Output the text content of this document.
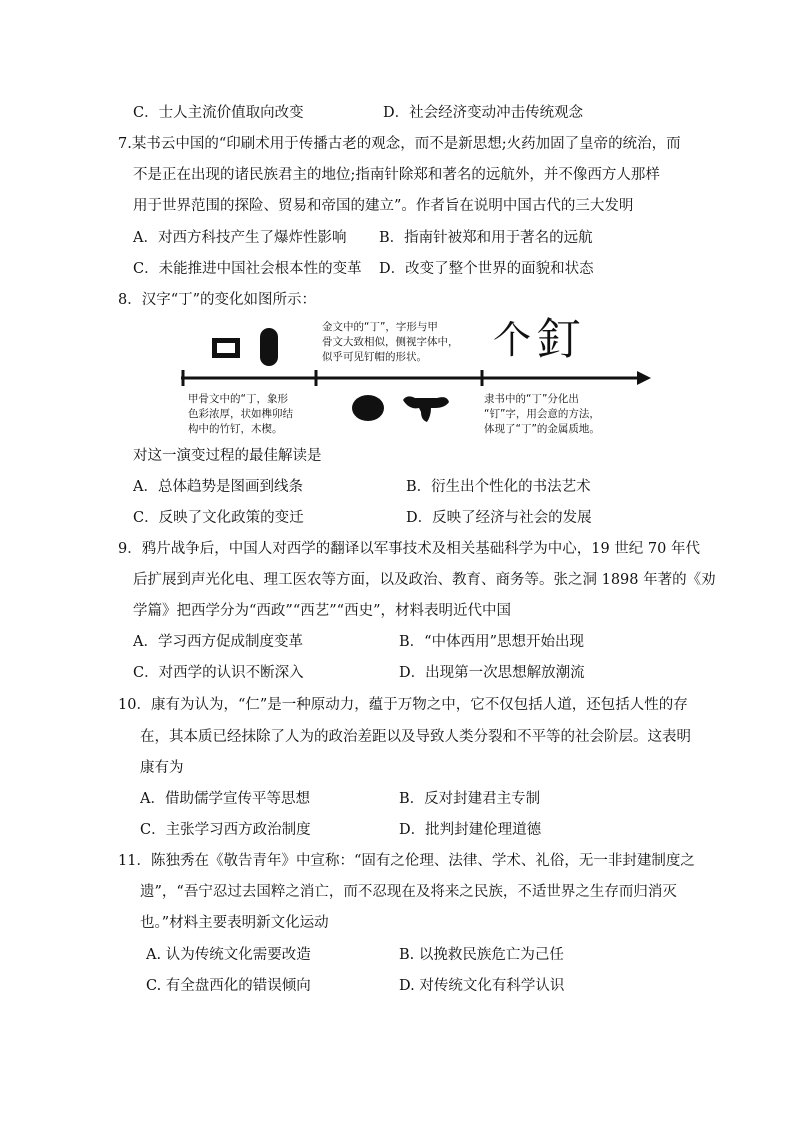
C．士人主流价值取向改变	D．社会经济变动冲击传统观念
7.某书云中国的“印刷术用于传播古老的观念，而不是新思想;火药加固了皇帝的统治，而
不是正在出现的诸民族君主的地位;指南针除郑和著名的远航外，并不像西方人那样
用于世界范围的探险、贸易和帝国的建立”。作者旨在说明中国古代的三大发明
A．对西方科技产生了爆炸性影响 B．指南针被郑和用于著名的远航
C．未能推进中国社会根本性的变革 D．改变了整个世界的面貌和状态
8．汉字“丁”的变化如图所示：
金文中的“丁”，字形与甲
骨文大致相似，侧视字体中，
似乎可见钉帽的形状。 个 釘
甲骨文中的“丁，象形
色彩浓厚，状如榫卯结
构中的竹钉，木楔。
隶书中的“丁”分化出
“钉”字，用会意的方法，
体现了“丁”的金属质地。
对这一演变过程的最佳解读是
A．总体趋势是图画到线条	B．衍生出个性化的书法艺术
C．反映了文化政策的变迁	D．反映了经济与社会的发展
9．鸦片战争后，中国人对西学的翻译以军事技术及相关基础科学为中心，19 世纪 70 年代
后扩展到声光化电、理工医农等方面，以及政治、教育、商务等。张之洞 1898 年著的《劝
学篇》把西学分为“西政”“西艺”“西史”，材料表明近代中国
A．学习西方促成制度变革	B．“中体西用”思想开始出现
C．对西学的认识不断深入	D．出现第一次思想解放潮流
10．康有为认为，“仁”是一种原动力，蕴于万物之中，它不仅包括人道，还包括人性的存
在，其本质已经抹除了人为的政治差距以及导致人类分裂和不平等的社会阶层。这表明
康有为
A．借助儒学宣传平等思想	B．反对封建君主专制
C．主张学习西方政治制度	D．批判封建伦理道德
11．陈独秀在《敬告青年》中宣称：“固有之伦理、法律、学术、礼俗，无一非封建制度之
遗”，“吾宁忍过去国粹之消亡，而不忍现在及将来之民族，不适世界之生存而归消灭
也。”材料主要表明新文化运动
A. 认为传统文化需要改造	B. 以挽救民族危亡为己任
C. 有全盘西化的错误倾向	D. 对传统文化有科学认识
